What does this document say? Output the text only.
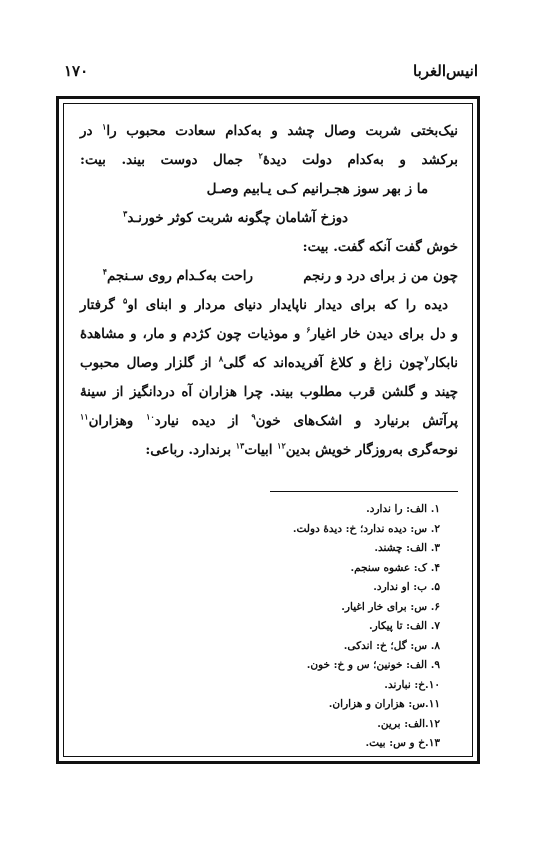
انیس‌الغربا
۱۷۰
نیک‌بختی شربت وصال چشد و به‌کدام سعادت محبوب را$^۱$ در
برکشد و به‌کدام دولت دیدهٔ$^۲$ جمال دوست بیند. بیت:
ما ز بهر سوز هجـرانیم کـی یـابیم وصـل
دوزخ آشامان چگونه شربت کوثر خورنـد$^۳$
خوش گفت آنکه گفت. بیت:
چون من ز برای درد و رنجم
راحت به‌کـدام روی سـنجم$^۴$
دیده را که برای دیدار ناپایدار دنیای مردار و ابنای او$^۵$ گرفتار
و دل برای دیدن خار اغیار$^۶$ و موذیات چون کژدم و مار، و مشاهدهٔ
نابکار$^۷$چون زاغ و کلاغ آفریده‌اند که گلی$^۸$ از گلزار وصال محبوب
چیند و گلشن قرب مطلوب بیند. چرا هزاران آه دردانگیز از سینهٔ
پرآتش برنیارد و اشک‌های خون$^۹$ از دیده نیارد$^{۱۰}$ وهزاران$^{۱۱}$
نوحه‌گری به‌روزگار خویش بدین$^{۱۲}$ ابیات$^{۱۳}$ برندارد. رباعی:
۱. الف: را ندارد.
۲. س: دیده ندارد؛ خ: دیدهٔ دولت.
۳. الف: چشند.
۴. ک: عشوه سنجم.
۵. ب: او ندارد.
۶. س: برای خار اغیار.
۷. الف: تا پیکار.
۸. س: گل؛ خ: اندکی.
۹. الف: خونین؛ س و خ: خون.
۱۰.خ: نبارند.
۱۱.س: هزاران و هزاران.
۱۲.الف: برین.
۱۳.خ و س: بیت.
